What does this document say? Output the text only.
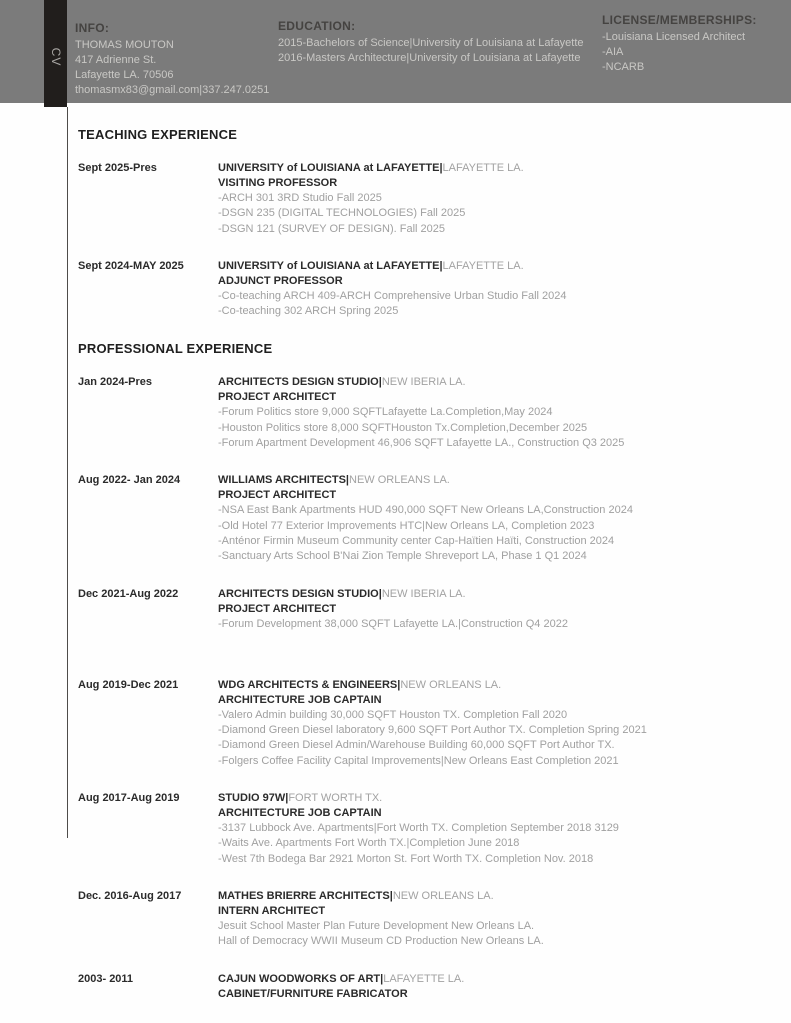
INFO:
THOMAS MOUTON
417 Adrienne St.
Lafayette LA. 70506
thomasmx83@gmail.com|337.247.0251
EDUCATION:
2015-Bachelors of Science|University of Louisiana at Lafayette
2016-Masters Architecture|University of Louisiana at Lafayette
LICENSE/MEMBERSHIPS:
-Louisiana Licensed Architect
-AIA
-NCARB
CV
TEACHING EXPERIENCE
Sept 2025-Pres	UNIVERSITY of LOUISIANA at LAFAYETTE|LAFAYETTE LA.
VISITING PROFESSOR
-ARCH 301 3RD Studio Fall 2025
-DSGN 235 (DIGITAL TECHNOLOGIES) Fall 2025
-DSGN 121 (SURVEY OF DESIGN). Fall 2025
Sept 2024-MAY 2025	UNIVERSITY of LOUISIANA at LAFAYETTE|LAFAYETTE LA.
ADJUNCT PROFESSOR
-Co-teaching ARCH 409-ARCH Comprehensive Urban Studio Fall 2024
-Co-teaching 302 ARCH Spring 2025
PROFESSIONAL EXPERIENCE
Jan 2024-Pres	ARCHITECTS DESIGN STUDIO|NEW IBERIA LA.
PROJECT ARCHITECT
-Forum Politics store 9,000 SQFTLafayette La.Completion,May 2024
-Houston Politics store 8,000 SQFTHouston Tx.Completion,December 2025
-Forum Apartment Development 46,906 SQFT Lafayette LA., Construction Q3 2025
Aug 2022- Jan 2024	WILLIAMS ARCHITECTS|NEW ORLEANS LA.
PROJECT ARCHITECT
-NSA East Bank Apartments HUD 490,000 SQFT New Orleans LA,Construction 2024
-Old Hotel 77 Exterior Improvements HTC|New Orleans LA, Completion 2023
-Anténor Firmin Museum Community center Cap-Haïtien Haïti, Construction 2024
-Sanctuary Arts School B'Nai Zion Temple Shreveport LA, Phase 1 Q1 2024
Dec 2021-Aug 2022	ARCHITECTS DESIGN STUDIO|NEW IBERIA LA.
PROJECT ARCHITECT
-Forum Development 38,000 SQFT Lafayette LA.|Construction Q4 2022
Aug 2019-Dec 2021	WDG ARCHITECTS & ENGINEERS|NEW ORLEANS LA.
ARCHITECTURE JOB CAPTAIN
-Valero Admin building 30,000 SQFT Houston TX. Completion Fall 2020
-Diamond Green Diesel laboratory 9,600 SQFT Port Author TX. Completion Spring 2021
-Diamond Green Diesel Admin/Warehouse Building 60,000 SQFT Port Author TX.
-Folgers Coffee Facility Capital Improvements|New Orleans East Completion 2021
Aug 2017-Aug 2019	STUDIO 97W|FORT WORTH TX.
ARCHITECTURE JOB CAPTAIN
-3137 Lubbock Ave. Apartments|Fort Worth TX. Completion September 2018 3129
-Waits Ave. Apartments Fort Worth TX.|Completion June 2018
-West 7th Bodega Bar 2921 Morton St. Fort Worth TX. Completion Nov. 2018
Dec. 2016-Aug 2017	MATHES BRIERRE ARCHITECTS|NEW ORLEANS LA.
INTERN ARCHITECT
Jesuit School Master Plan Future Development New Orleans LA.
Hall of Democracy WWII Museum CD Production New Orleans LA.
2003- 2011	CAJUN WOODWORKS OF ART|LAFAYETTE LA.
CABINET/FURNITURE FABRICATOR
